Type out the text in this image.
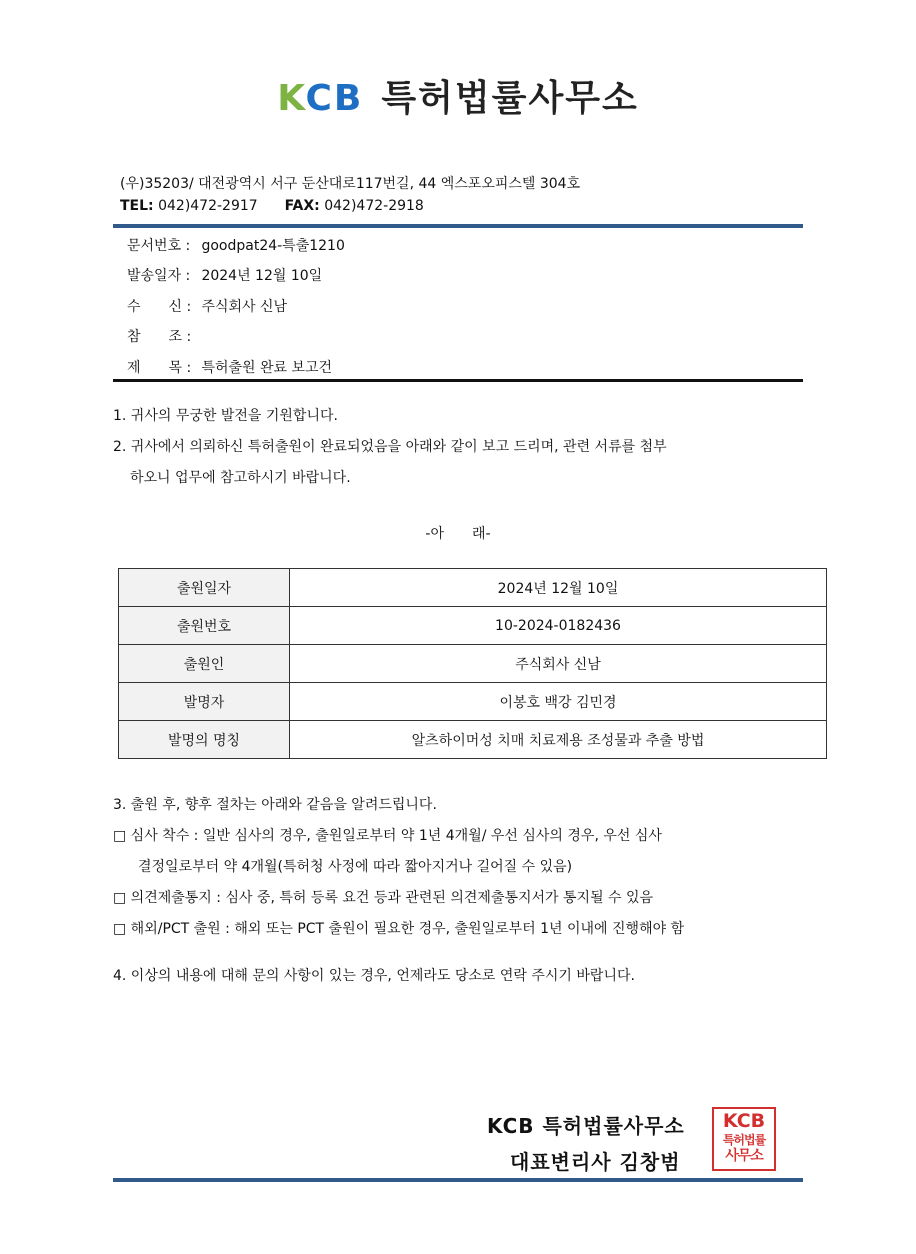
KCB 특허법률사무소
(우)35203/ 대전광역시 서구 둔산대로117번길, 44 엑스포오피스텔 304호
TEL: 042)472-2917 FAX: 042)472-2918
문서번호 : goodpat24-특출1210
발송일자 : 2024년 12월 10일
수　　신 : 주식회사 신남
참　　조 :
제　　목 : 특허출원 완료 보고건
1. 귀사의 무궁한 발전을 기원합니다.
2. 귀사에서 의뢰하신 특허출원이 완료되었음을 아래와 같이 보고 드리며, 관련 서류를 첨부
하오니 업무에 참고하시기 바랍니다.
-아　　래-
출원일자	2024년 12월 10일
출원번호	10-2024-0182436
출원인	주식회사 신남
발명자	이봉호 백강 김민경
발명의 명칭	알츠하이머성 치매 치료제용 조성물과 추출 방법
3. 출원 후, 향후 절차는 아래와 같음을 알려드립니다.
□ 심사 착수 : 일반 심사의 경우, 출원일로부터 약 1년 4개월/ 우선 심사의 경우, 우선 심사
결정일로부터 약 4개월(특허청 사정에 따라 짧아지거나 길어질 수 있음)
□ 의견제출통지 : 심사 중, 특허 등록 요건 등과 관련된 의견제출통지서가 통지될 수 있음
□ 해외/PCT 출원 : 해외 또는 PCT 출원이 필요한 경우, 출원일로부터 1년 이내에 진행해야 함
4. 이상의 내용에 대해 문의 사항이 있는 경우, 언제라도 당소로 연락 주시기 바랍니다.
KCB 특허법률사무소
대표변리사 김창범
KCB
특허법률
사무소
